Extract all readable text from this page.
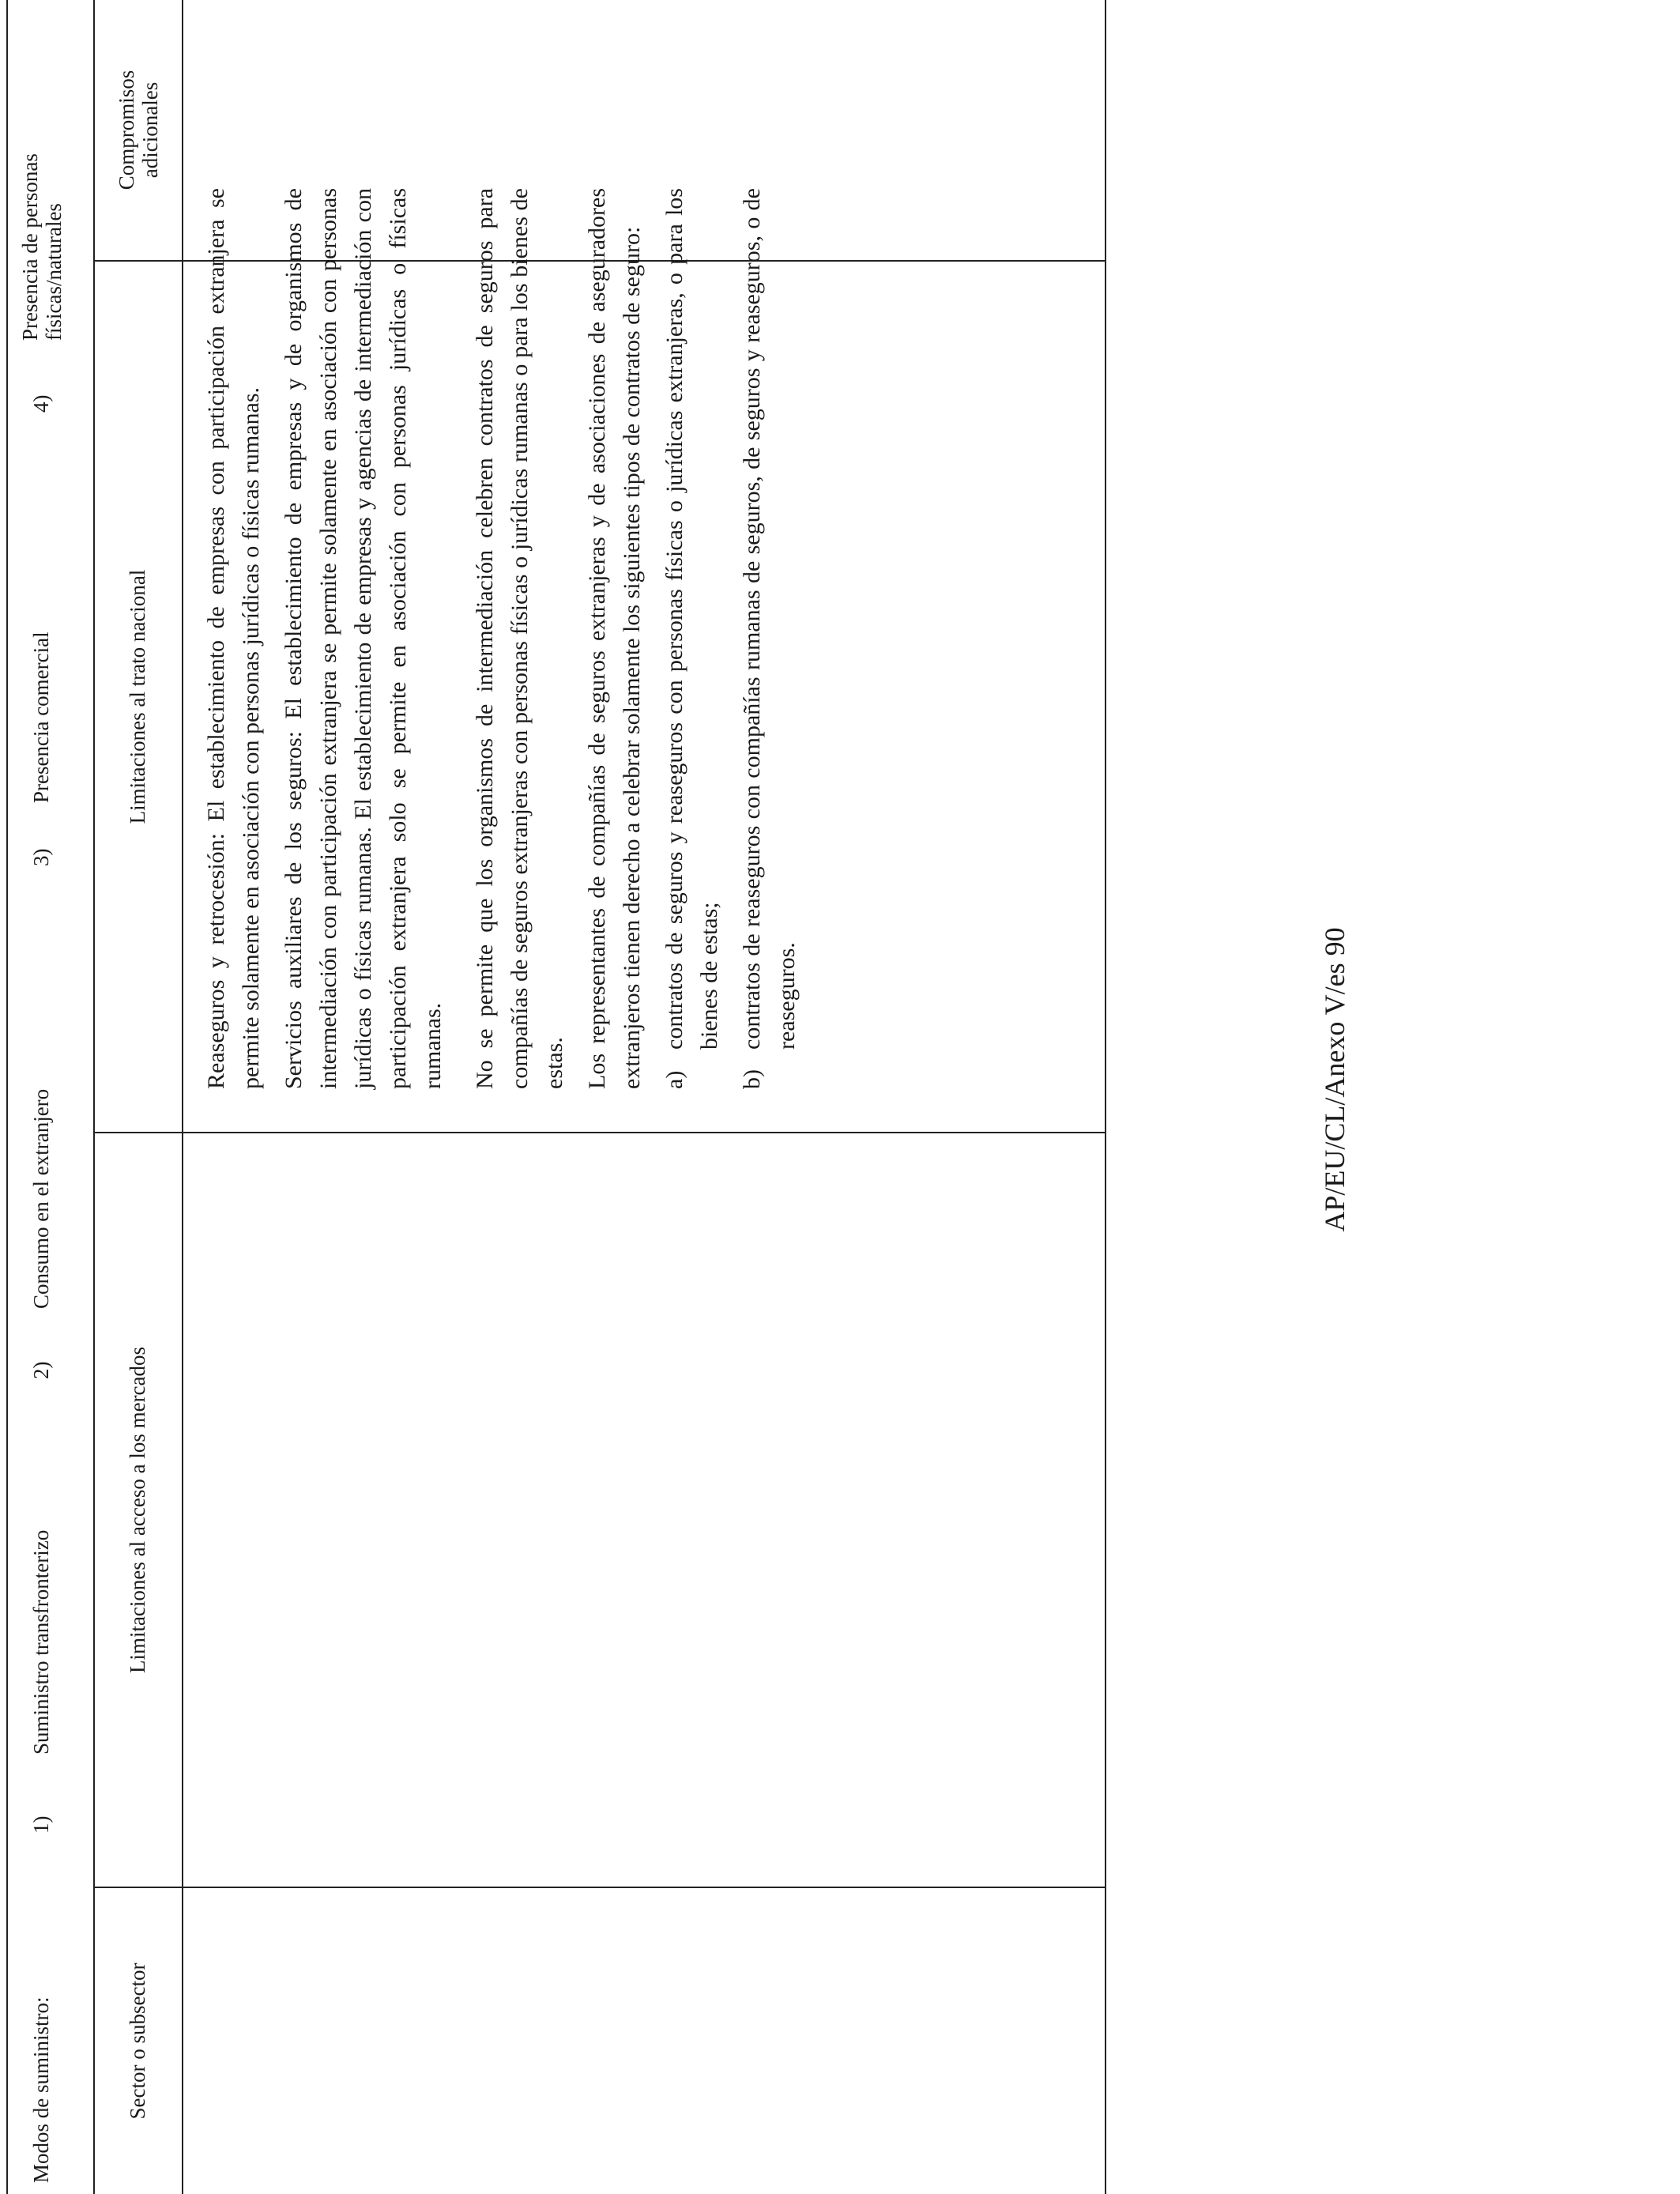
Modos de suministro:
1)
Suministro transfronterizo
2)
Consumo en el extranjero
3)
Presencia comercial
4)
Presencia de personas físicas/naturales
Sector o subsector
Limitaciones al acceso a los mercados
Limitaciones al trato nacional
Compromisos adicionales

Reaseguros y retrocesión: El establecimiento de empresas con participación extranjera se permite solamente en asociación con personas jurídicas o físicas rumanas. Servicios auxiliares de los seguros: El establecimiento de empresas y de organismos de intermediación con participación extranjera se permite solamente en asociación con personas jurídicas o físicas rumanas. El establecimiento de empresas y agencias de intermediación con participación extranjera solo se permite en asociación con personas jurídicas o físicas rumanas. No se permite que los organismos de intermediación celebren contratos de seguros para compañías de seguros extranjeras con personas físicas o jurídicas rumanas o para los bienes de estas. Los representantes de compañías de seguros extranjeras y de asociaciones de aseguradores extranjeros tienen derecho a celebrar solamente los siguientes tipos de contratos de seguro: a)
contratos de seguros y reaseguros con personas físicas o jurídicas extranjeras, o para los bienes de estas;
b)
contratos de reaseguros con compañías rumanas de seguros, de seguros y reaseguros, o de reaseguros.	AP/EU/CL/Anexo V/es 90
